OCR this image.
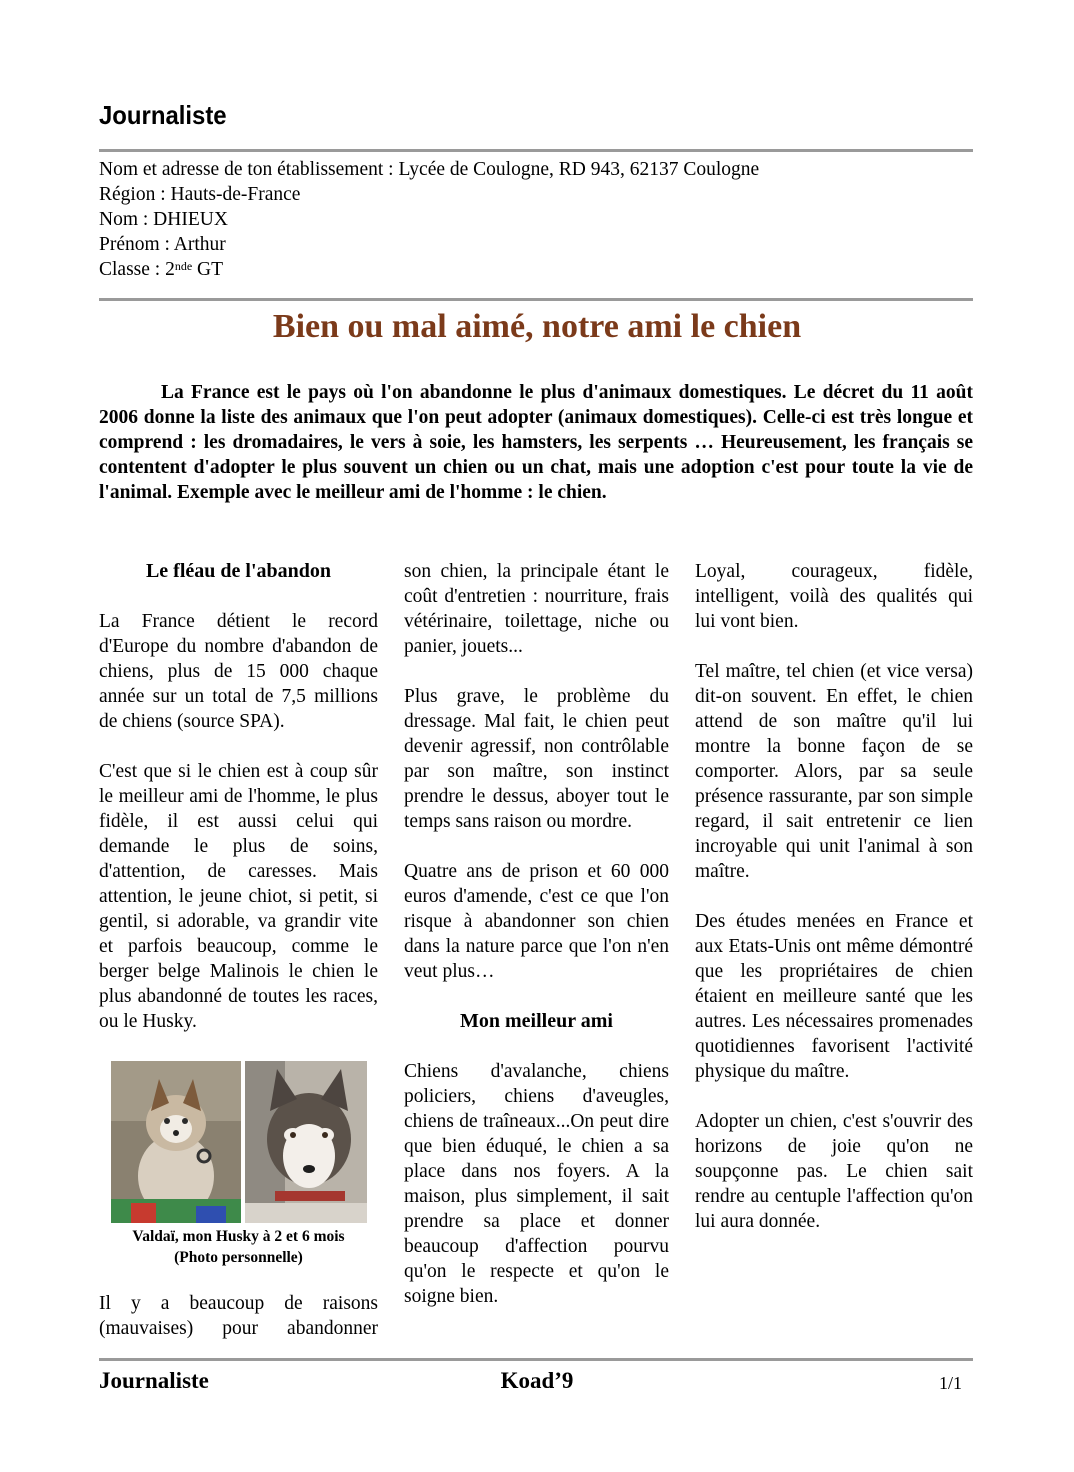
Journaliste
Nom et adresse de ton établissement : Lycée de Coulogne, RD 943, 62137 Coulogne
Région : Hauts-de-France
Nom : DHIEUX
Prénom : Arthur
Classe : 2nde GT
Bien ou mal aimé, notre ami le chien
La France est le pays où l'on abandonne le plus d'animaux domestiques. Le décret du 11 août 2006 donne la liste des animaux que l'on peut adopter (animaux domestiques). Celle-ci est très longue et comprend : les dromadaires, le vers à soie, les hamsters, les serpents … Heureusement, les français se contentent d'adopter le plus souvent un chien ou un chat, mais une adoption c'est pour toute la vie de l'animal. Exemple avec le meilleur ami de l'homme : le chien.
Le fléau de l'abandon

La France détient le record d'Europe du nombre d'abandon de chiens, plus de 15 000 chaque année sur un total de 7,5 millions de chiens (source SPA).

C'est que si le chien est à coup sûr le meilleur ami de l'homme, le plus fidèle, il est aussi celui qui demande le plus de soins, d'attention, de caresses. Mais attention, le jeune chiot, si petit, si gentil, si adorable, va grandir vite et parfois beaucoup, comme le berger belge Malinois le chien le plus abandonné de toutes les races, ou le Husky.

Valdaï, mon Husky à 2 et 6 mois
(Photo personnelle)

Il y a beaucoup de raisons (mauvaises) pour abandonner

son chien, la principale étant le coût d'entretien : nourriture, frais vétérinaire, toilettage, niche ou panier, jouets...

Plus grave, le problème du dressage. Mal fait, le chien peut devenir agressif, non contrôlable par son maître, son instinct prendre le dessus, aboyer tout le temps sans raison ou mordre.

Quatre ans de prison et 60 000 euros d'amende, c'est ce que l'on risque à abandonner son chien dans la nature parce que l'on n'en veut plus…

Mon meilleur ami

Chiens d'avalanche, chiens policiers, chiens d'aveugles, chiens de traîneaux...On peut dire que bien éduqué, le chien a sa place dans nos foyers. A la maison, plus simplement, il sait prendre sa place et donner beaucoup d'affection pourvu qu'on le respecte et qu'on le soigne bien.

Loyal, courageux, fidèle, intelligent, voilà des qualités qui lui vont bien.

Tel maître, tel chien (et vice versa) dit-on souvent. En effet, le chien attend de son maître qu'il lui montre la bonne façon de se comporter. Alors, par sa seule présence rassurante, par son simple regard, il sait entretenir ce lien incroyable qui unit l'animal à son maître.

Des études menées en France et aux Etats-Unis ont même démontré que les propriétaires de chien étaient en meilleure santé que les autres. Les nécessaires promenades quotidiennes favorisent l'activité physique du maître.

Adopter un chien, c'est s'ouvrir des horizons de joie qu'on ne soupçonne pas. Le chien sait rendre au centuple l'affection qu'on lui aura donnée.

Journaliste	Koad’9	1/1
